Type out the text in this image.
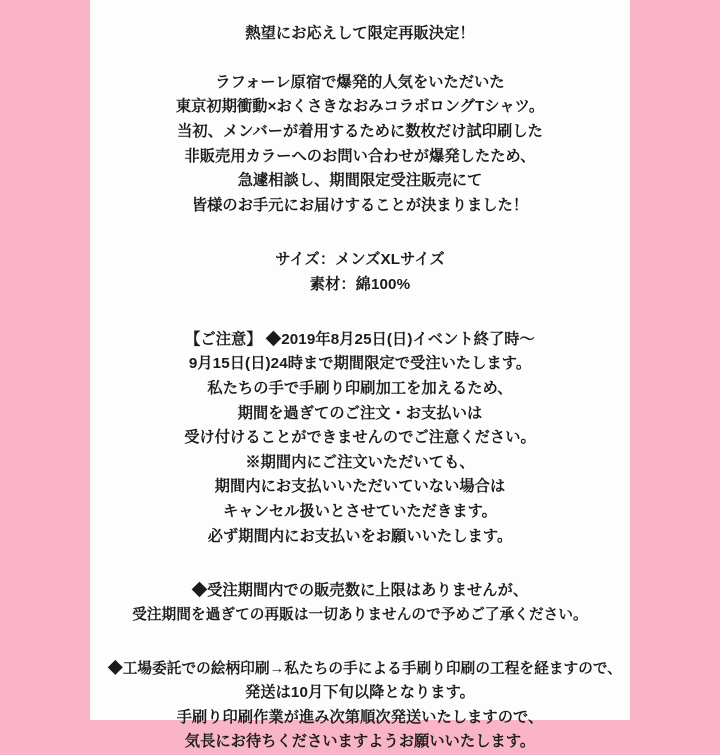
熱望にお応えして限定再販決定！
ラフォーレ原宿で爆発的人気をいただいた
東京初期衝動×おくさきなおみコラボロングTシャツ。
当初、メンバーが着用するために数枚だけ試印刷した
非販売用カラーへのお問い合わせが爆発したため、
急遽相談し、期間限定受注販売にて
皆様のお手元にお届けすることが決まりました！
サイズ：メンズXLサイズ
素材：綿100%
【ご注意】 ◆2019年8月25日(日)イベント終了時〜
9月15日(日)24時まで期間限定で受注いたします。
私たちの手で手刷り印刷加工を加えるため、
期間を過ぎてのご注文・お支払いは
受け付けることができませんのでご注意ください。
※期間内にご注文いただいても、
期間内にお支払いいただいていない場合は
キャンセル扱いとさせていただきます。
必ず期間内にお支払いをお願いいたします。
◆受注期間内での販売数に上限はありませんが、
受注期間を過ぎての再販は一切ありませんので予めご了承ください。
◆工場委託での絵柄印刷→私たちの手による手刷り印刷の工程を経ますので、
発送は10月下旬以降となります。
手刷り印刷作業が進み次第順次発送いたしますので、
気長にお待ちくださいますようお願いいたします。
